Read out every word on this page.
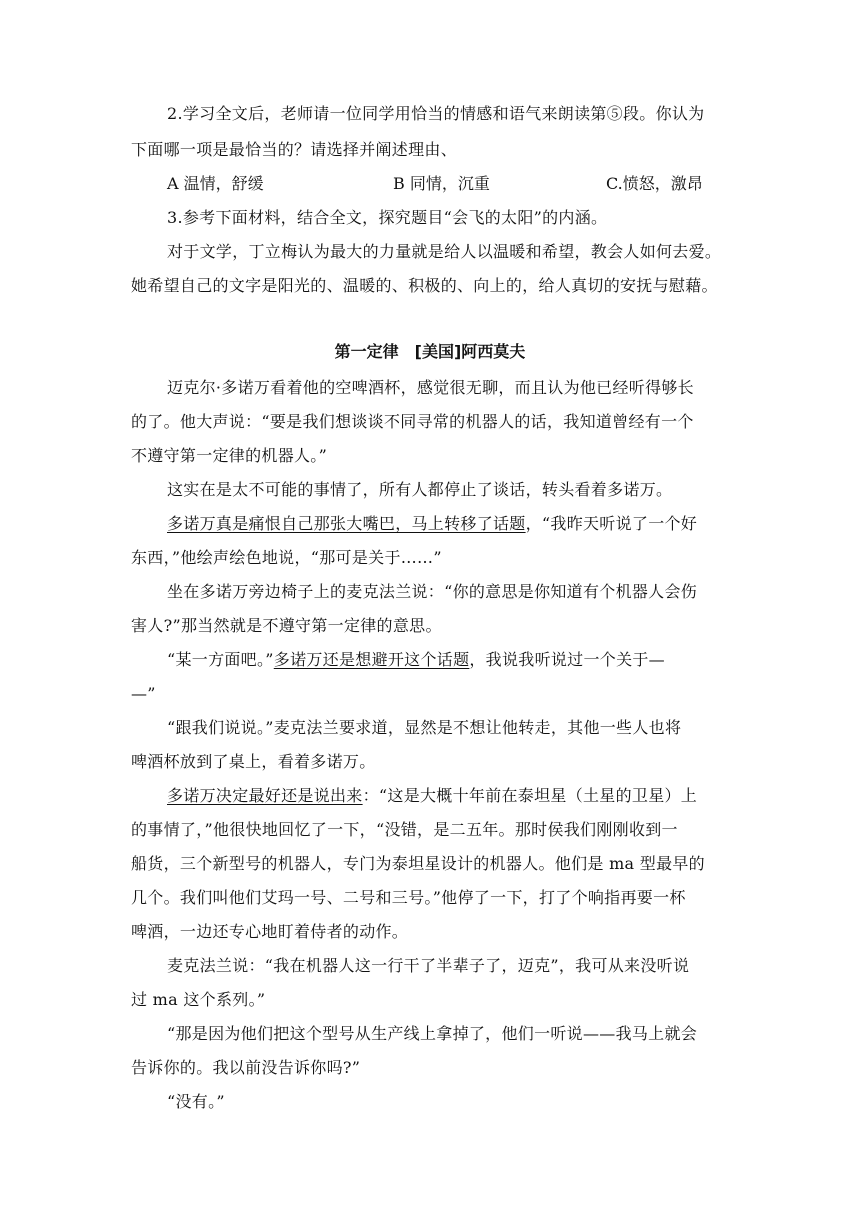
2.学习全文后，老师请一位同学用恰当的情感和语气来朗读第⑤段。你认为
下面哪一项是最恰当的？请选择并阐述理由、
A 温情，舒缓	B 同情，沉重	C.愤怒，激昂
3.参考下面材料，结合全文，探究题目“会飞的太阳”的内涵。
对于文学，丁立梅认为最大的力量就是给人以温暖和希望，教会人如何去爱。
她希望自己的文字是阳光的、温暖的、积极的、向上的，给人真切的安抚与慰藉。
第一定律　[美国]阿西莫夫
迈克尔·多诺万看着他的空啤酒杯，感觉很无聊，而且认为他已经听得够长
的了。他大声说：“要是我们想谈谈不同寻常的机器人的话，我知道曾经有一个
不遵守第一定律的机器人。”
这实在是太不可能的事情了，所有人都停止了谈话，转头看着多诺万。
多诺万真是痛恨自己那张大嘴巴，马上转移了话题，“我昨天听说了一个好
东西，”他绘声绘色地说，“那可是关于……”
坐在多诺万旁边椅子上的麦克法兰说：“你的意思是你知道有个机器人会伤
害人?”那当然就是不遵守第一定律的意思。
“某一方面吧。”多诺万还是想避开这个话题，我说我听说过一个关于—
—”
“跟我们说说。”麦克法兰要求道，显然是不想让他转走，其他一些人也将
啤酒杯放到了桌上，看着多诺万。
多诺万决定最好还是说出来：“这是大概十年前在泰坦星（土星的卫星）上
的事情了，”他很快地回忆了一下，“没错，是二五年。那时侯我们刚刚收到一
船货，三个新型号的机器人，专门为泰坦星设计的机器人。他们是 ma 型最早的
几个。我们叫他们艾玛一号、二号和三号。”他停了一下，打了个响指再要一杯
啤酒，一边还专心地盯着侍者的动作。
麦克法兰说：“我在机器人这一行干了半辈子了，迈克”，我可从来没听说
过 ma 这个系列。”
“那是因为他们把这个型号从生产线上拿掉了，他们一听说——我马上就会
告诉你的。我以前没告诉你吗?”
“没有。”
